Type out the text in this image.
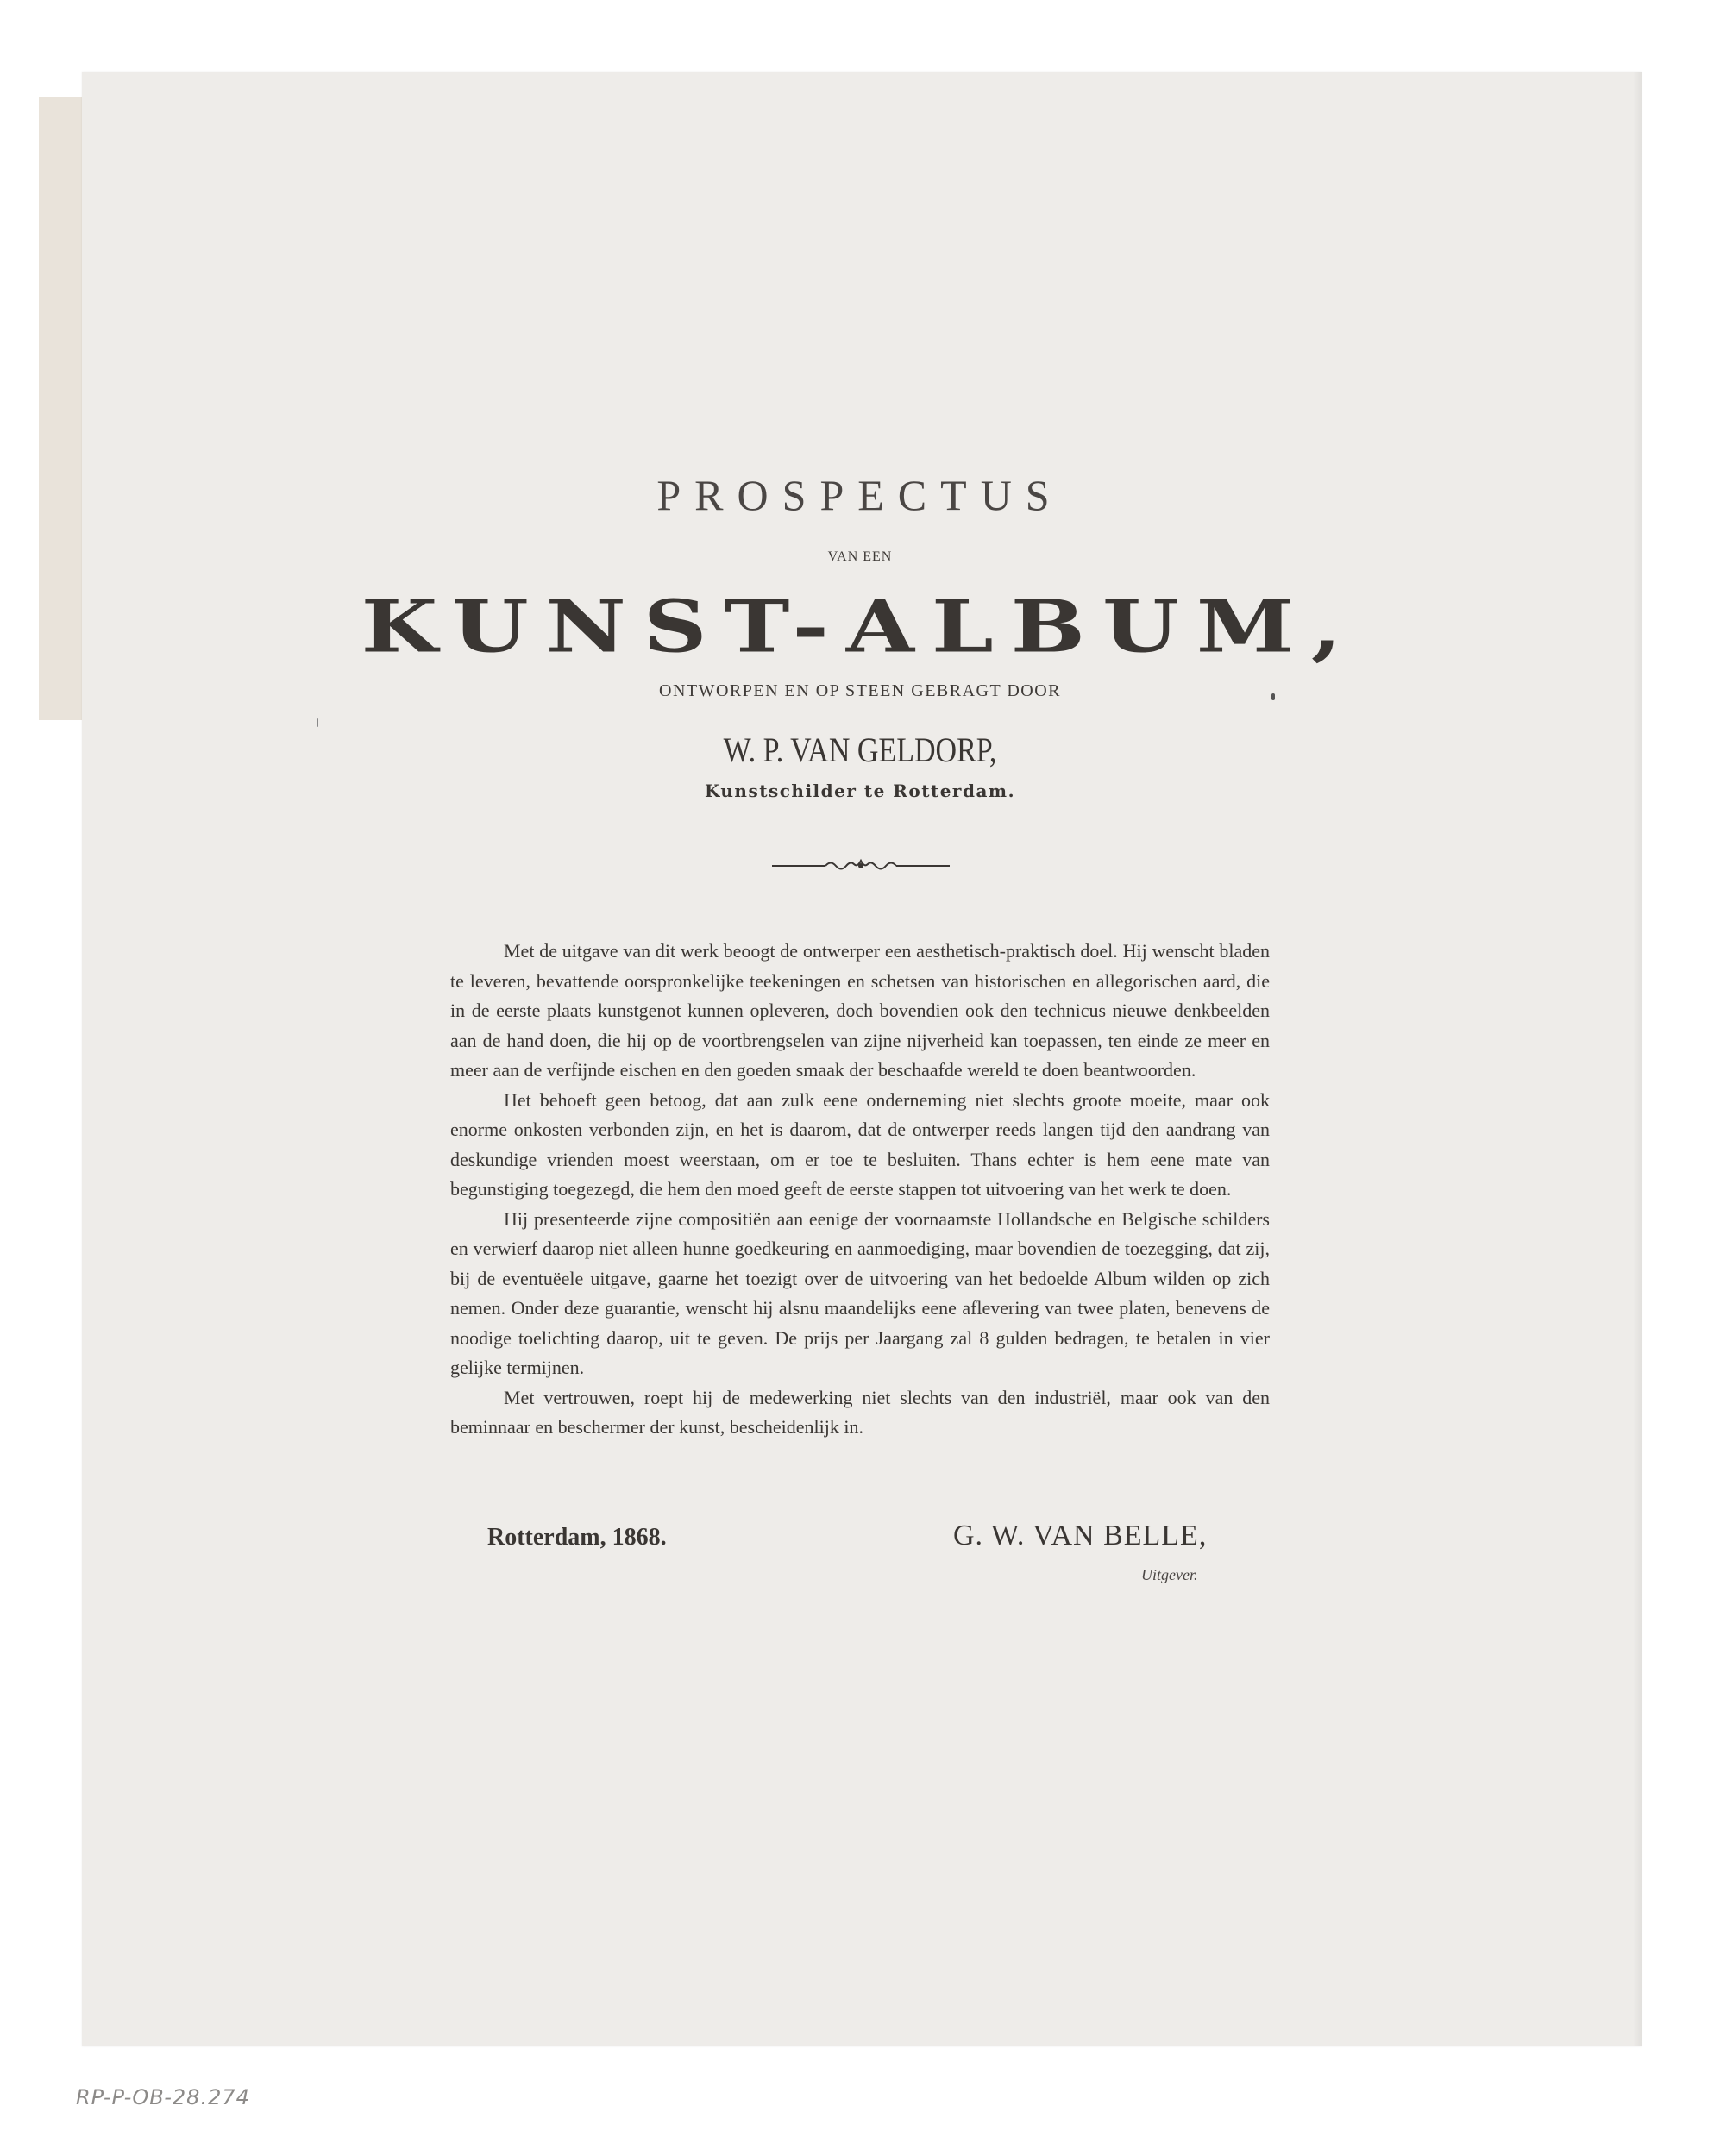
PROSPECTUS
VAN EEN
KUNST-ALBUM,
ONTWORPEN EN OP STEEN GEBRAGT DOOR
W. P. VAN GELDORP,
Kunstschilder te Rotterdam.

Met de uitgave van dit werk beoogt de ontwerper een aesthetisch-praktisch doel. Hij wenscht bladen te leveren, bevattende oorspronkelijke teekeningen en schetsen van historischen en allegorischen aard, die in de eerste plaats kunstgenot kunnen opleveren, doch bovendien ook den technicus nieuwe denkbeelden aan de hand doen, die hij op de voortbrengselen van zijne nijverheid kan toepassen, ten einde ze meer en meer aan de verfijnde eischen en den goeden smaak der beschaafde wereld te doen beantwoorden.

Het behoeft geen betoog, dat aan zulk eene onderneming niet slechts groote moeite, maar ook enorme onkosten verbonden zijn, en het is daarom, dat de ontwerper reeds langen tijd den aandrang van deskundige vrienden moest weerstaan, om er toe te besluiten. Thans echter is hem eene mate van begunstiging toegezegd, die hem den moed geeft de eerste stappen tot uitvoering van het werk te doen.

Hij presenteerde zijne compositiën aan eenige der voornaamste Hollandsche en Belgische schilders en verwierf daarop niet alleen hunne goedkeuring en aanmoediging, maar bovendien de toezegging, dat zij, bij de eventuëele uitgave, gaarne het toezigt over de uitvoering van het bedoelde Album wilden op zich nemen. Onder deze guarantie, wenscht hij alsnu maandelijks eene aflevering van twee platen, benevens de noodige toelichting daarop, uit te geven. De prijs per Jaargang zal 8 gulden bedragen, te betalen in vier gelijke termijnen.

Met vertrouwen, roept hij de medewerking niet slechts van den industriël, maar ook van den beminnaar en beschermer der kunst, bescheidenlijk in.

Rotterdam, 1868.	G. W. VAN BELLE,
Uitgever.
RP-P-OB-28.274
